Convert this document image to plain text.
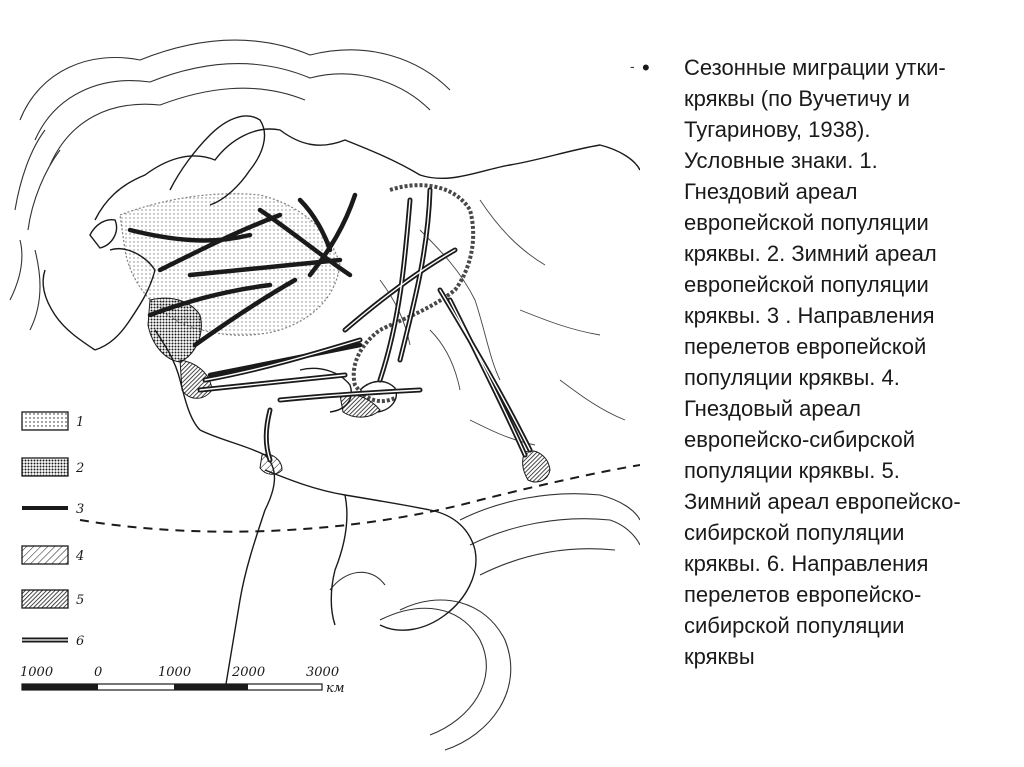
1
2
3
4
5
6
1000	0	1000	2000	3000
км
- • Сезонные миграции утки-
кряквы (по Вучетичу и
Тугаринову, 1938).
Условные знаки. 1.
Гнездовий ареал
европейской популяции
кряквы. 2. Зимний ареал
европейской популяции
кряквы. 3 . Направления
перелетов европейской
популяции кряквы. 4.
Гнездовый ареал
европейско-сибирской
популяции кряквы. 5.
Зимний ареал европейско-
сибирской популяции
кряквы. 6. Направления
перелетов европейско-
сибирской популяции
кряквы
